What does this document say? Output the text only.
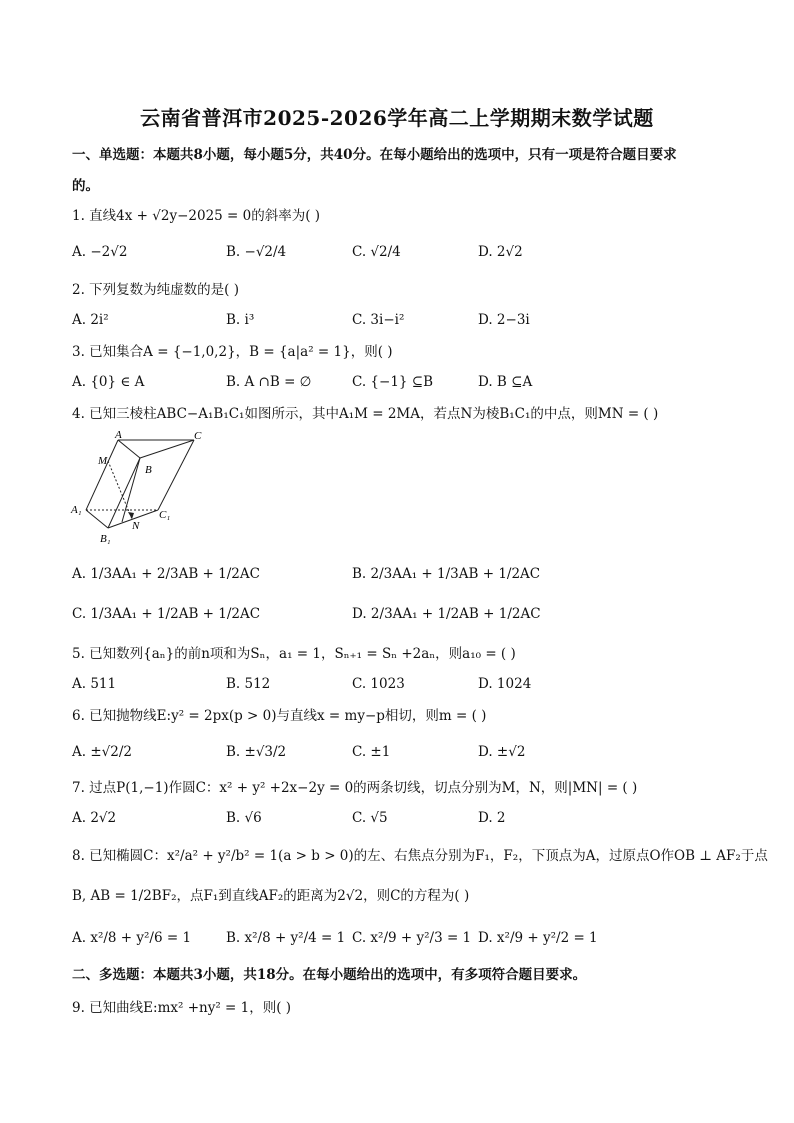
云南省普洱市2025-2026学年高二上学期期末数学试题
一、单选题：本题共8小题，每小题5分，共40分。在每小题给出的选项中，只有一项是符合题目要求
的。
1. 直线4x + √2y−2025 = 0的斜率为( )
A. −2√2	B. −√2/4	C. √2/4	D. 2√2
2. 下列复数为纯虚数的是( )
A. 2i²	B. i³	C. 3i−i²	D. 2−3i
3. 已知集合A = {−1,0,2}，B = {a|a² = 1}，则( )
A. {0} ∈ A	B. A ∩B = ∅	C. {−1} ⊆B	D. B ⊆A
4. 已知三棱柱ABC−A₁B₁C₁如图所示，其中A₁M = 2MA，若点N为棱B₁C₁的中点，则MN = ( )
A	C
M
B
A₁	C₁
N
B₁
A. 1/3AA₁ + 2/3AB + 1/2AC	B. 2/3AA₁ + 1/3AB + 1/2AC
C. 1/3AA₁ + 1/2AB + 1/2AC	D. 2/3AA₁ + 1/2AB + 1/2AC
5. 已知数列{aₙ}的前n项和为Sₙ，a₁ = 1，Sₙ₊₁ = Sₙ +2aₙ，则a₁₀ = ( )
A. 511	B. 512	C. 1023	D. 1024
6. 已知抛物线E:y² = 2px(p > 0)与直线x = my−p相切，则m = ( )
A. ±√2/2	B. ±√3/2	C. ±1	D. ±√2
7. 过点P(1,−1)作圆C：x² + y² +2x−2y = 0的两条切线，切点分别为M，N，则|MN| = ( )
A. 2√2	B. √6	C. √5	D. 2
8. 已知椭圆C：x²/a² + y²/b² = 1(a > b > 0)的左、右焦点分别为F₁，F₂，下顶点为A，过原点O作OB ⊥ AF₂于点
B, AB = 1/2BF₂，点F₁到直线AF₂的距离为2√2，则C的方程为( )
A. x²/8 + y²/6 = 1	B. x²/8 + y²/4 = 1 C. x²/9 + y²/3 = 1 D. x²/9 + y²/2 = 1
二、多选题：本题共3小题，共18分。在每小题给出的选项中，有多项符合题目要求。
9. 已知曲线E:mx² +ny² = 1，则( )
